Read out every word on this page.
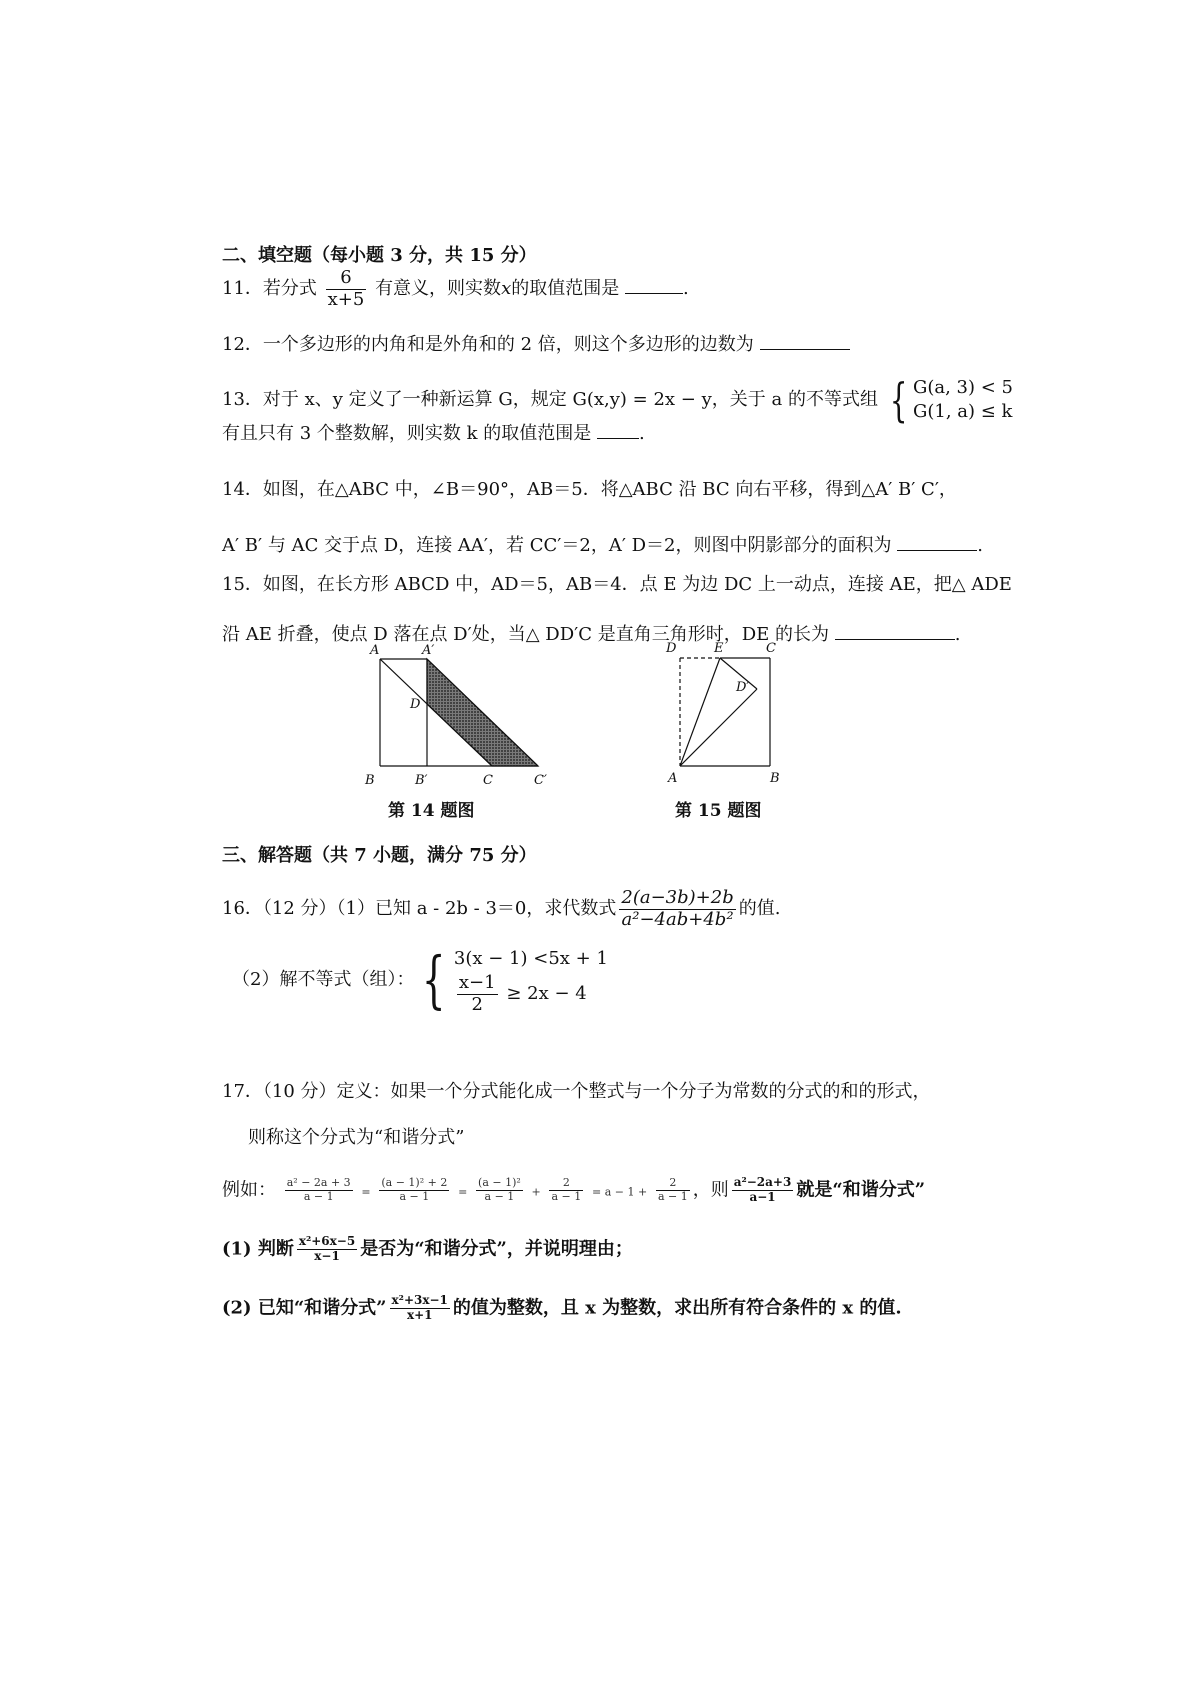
二、填空题（每小题 3 分，共 15 分）
11．若分式 $\frac{6}{x+5}$ 有意义，则实数x的取值范围是	.
12．一个多边形的内角和是外角和的 2 倍，则这个多边形的边数为
13．对于 x、y 定义了一种新运算 G，规定 G(x,y) = 2x − y，关于 a 的不等式组 { G(a, 3) < 5
G(1, a) ≤ k
有且只有 3 个整数解，则实数 k 的取值范围是	.
14．如图，在△ABC 中，∠B＝90°，AB＝5．将△ABC 沿 BC 向右平移，得到△A′ B′ C′，
A′ B′ 与 AC 交于点 D，连接 AA′，若 CC′＝2，A′ D＝2，则图中阴影部分的面积为	.
15．如图，在长方形 ABCD 中，AD＝5，AB＝4．点 E 为边 DC 上一动点，连接 AE，把△ ADE
沿 AE 折叠，使点 D 落在点 D′处，当△ DD′C 是直角三角形时，DE 的长为	.
A	A′
D
B	B′	C	C′
第 14 题图
D	E	C
D′
A	B
第 15 题图
三、解答题（共 7 小题，满分 75 分）
16．（12 分）（1）已知 a - 2b - 3＝0，求代数式 $\frac{2(a-3b)+2b}{\text{a²−4ab+4b²}}$ 的值.
（2）解不等式（组）： { 3(x − 1) <5x + 1
$\frac{x-1}{2} \ge 2x - 4$
17．（10 分）定义：如果一个分式能化成一个整式与一个分子为常数的分式的和的形式，
则称这个分式为“和谐分式”
例如： $\frac{\text{a² − 2a + 3}}{a - 1} = \frac{\text{(a − 1)² + 2}}{a - 1} = \frac{\text{(a − 1)²}}{a - 1} + \frac{2}{a - 1} = a - 1 + \frac{2}{a - 1}$ ，则 $\frac{\text{a²−2a+3}}{a-1}$ 就是“和谐分式”
(1) 判断 $\frac{\text{x²+6x−5}}{x-1}$ 是否为“和谐分式”，并说明理由；
(2) 已知“和谐分式” $\frac{\text{x²+3x−1}}{x+1}$ 的值为整数，且 x 为整数，求出所有符合条件的 x 的值.
